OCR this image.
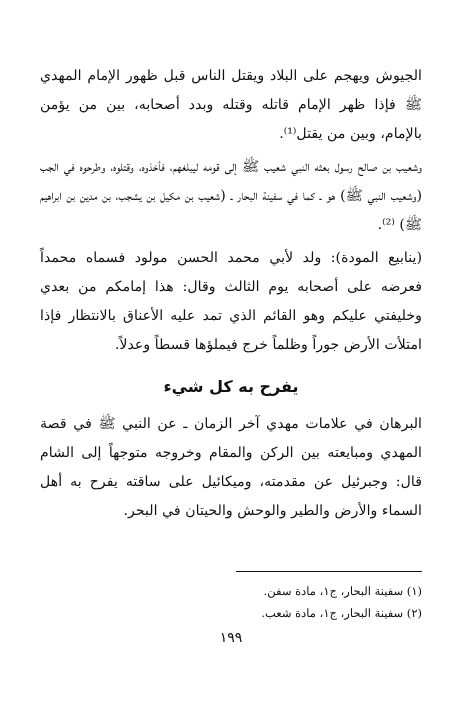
الجيوش ويهجم على البلاد ويقتل الناس قبل ظهور الإمام المهدي ﷺ فإذا ظهر الإمام قاتله وقتله وبدد أصحابه، بين من يؤمن بالإمام، وبين من يقتل⁽¹⁾.

وشعيب بن صالح رسول بعثه النبي شعيب ﷺ إلى قومه ليبلغهم، فأخذوه، وقتلوه، وطرحوه في الجب (وشعيب النبي ﷺ) هو ـ كما في سفينة البحار ـ (شعيب بن مكيل بن يشجب، بن مدين بن ابراهيم ﷺ) ⁽²⁾.

(ينابيع المودة): ولد لأبي محمد الحسن مولود فسماه محمداً فعرضه على أصحابه يوم الثالث وقال: هذا إمامكم من بعدي وخليفتي عليكم وهو القائم الذي تمد عليه الأعناق بالانتظار فإذا امتلأت الأرض جوراً وظلماً خرج فيملؤها قسطاً وعدلاً.

يفرح به كل شيء

البرهان في علامات مهدي آخر الزمان ـ عن النبي ﷺ في قصة المهدي ومبايعته بين الركن والمقام وخروجه متوجهاً إلى الشام قال: وجبرئيل عن مقدمته، وميكائيل على ساقته يفرح به أهل السماء والأرض والطير والوحش والحيتان في البحر.

(١) سفينة البحار، ج١، مادة سفن.

(٢) سفينة البحار، ج١، مادة شعب.

١٩٩
